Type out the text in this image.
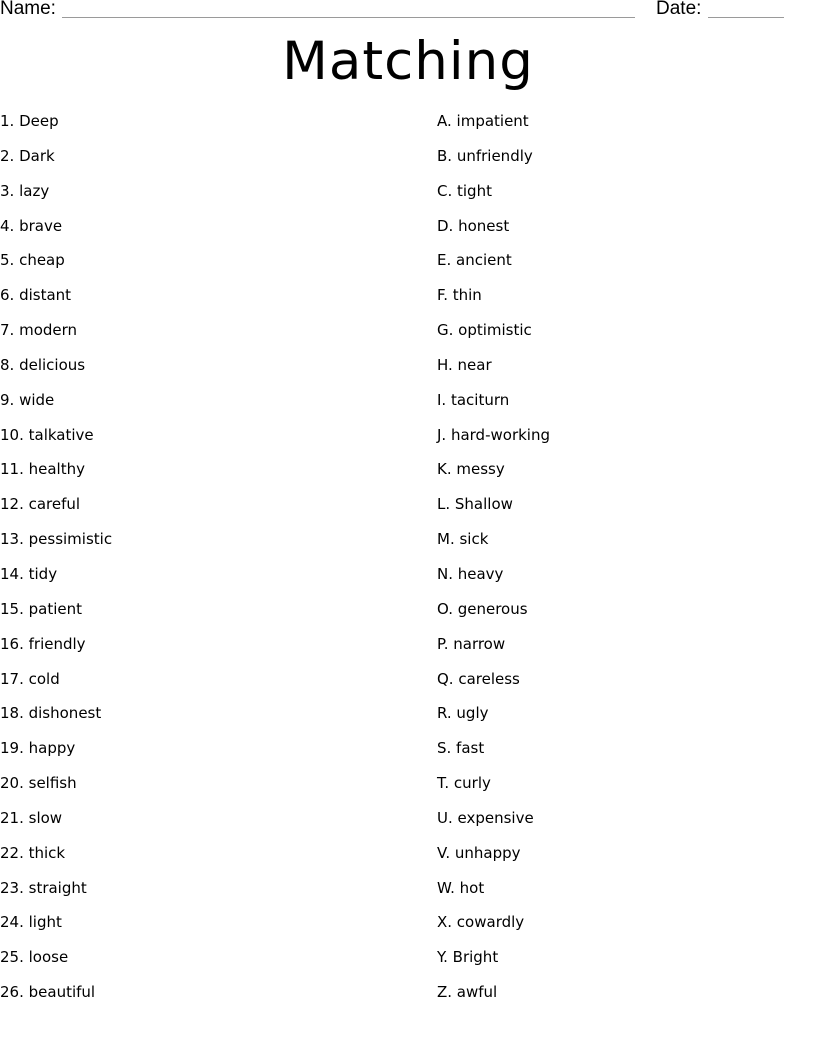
Name:	Date:
Matching
1. Deep
2. Dark
3. lazy
4. brave
5. cheap
6. distant
7. modern
8. delicious
9. wide
10. talkative
11. healthy
12. careful
13. pessimistic
14. tidy
15. patient
16. friendly
17. cold
18. dishonest
19. happy
20. selfish
21. slow
22. thick
23. straight
24. light
25. loose
26. beautiful
A. impatient
B. unfriendly
C. tight
D. honest
E. ancient
F. thin
G. optimistic
H. near
I. taciturn
J. hard-working
K. messy
L. Shallow
M. sick
N. heavy
O. generous
P. narrow
Q. careless
R. ugly
S. fast
T. curly
U. expensive
V. unhappy
W. hot
X. cowardly
Y. Bright
Z. awful
